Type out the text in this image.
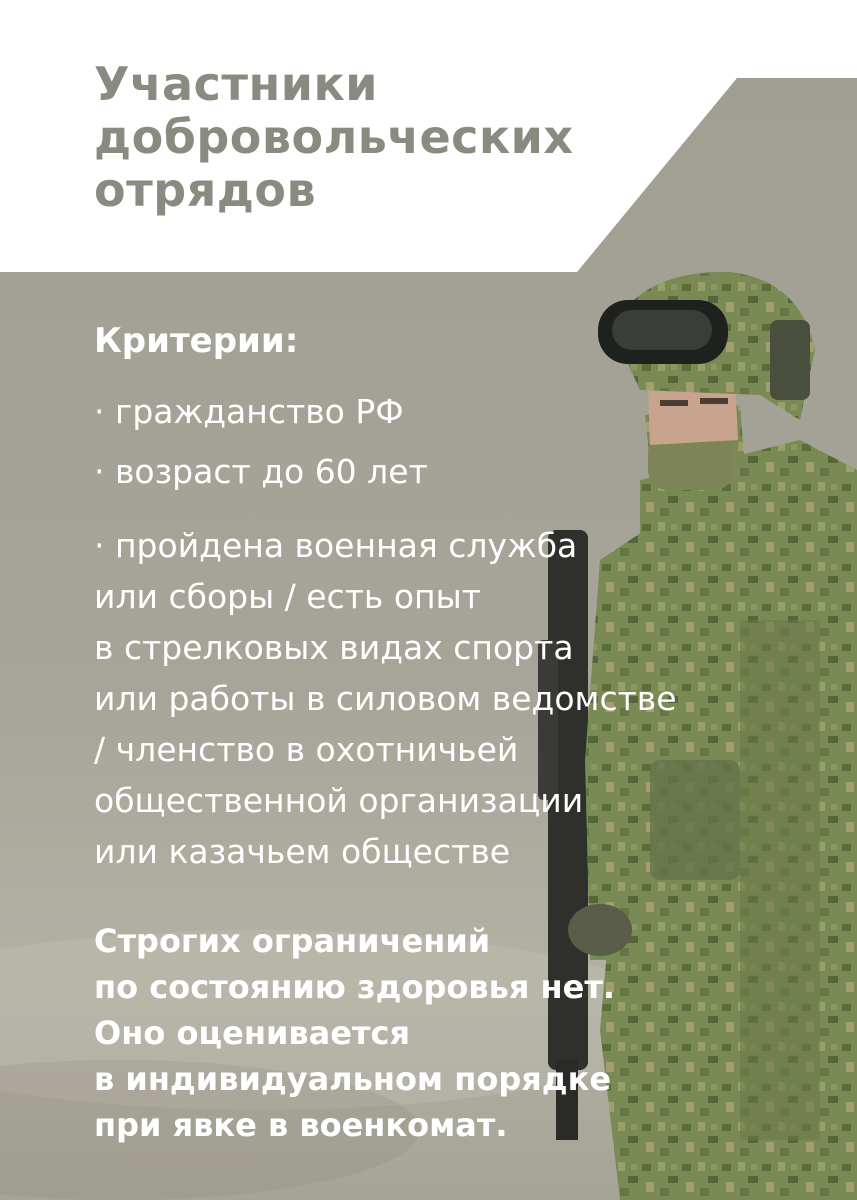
Участники
добровольческих
отрядов
Критерии:
· гражданство РФ
· возраст до 60 лет
· пройдена военная служба
или сборы / есть опыт
в стрелковых видах спорта
или работы в силовом ведомстве
/ членство в охотничьей
общественной организации
или казачьем обществе
Строгих ограничений
по состоянию здоровья нет.
Оно оценивается
в индивидуальном порядке
при явке в военкомат.
